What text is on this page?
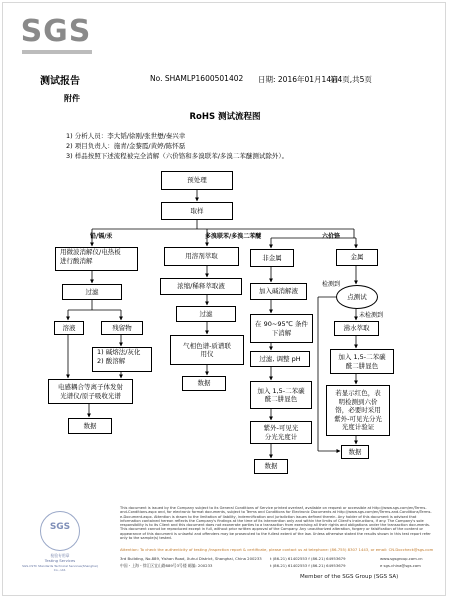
SGS
测试报告	No. SHAMLP1600501402 日期: 2016年01月14日
第4页,共5页
附件
RoHS 测试流程图
1) 分析人员：李大韬/徐刚/张世懋/秦兴幸
2) 项目负责人：施青/金黎霞/黄婷/陈怀磊
3) 样品按照下述流程被完全消解（六价铬和多溴联苯/多溴二苯醚测试除外）。
预处理
取样
铅/镉/汞	多溴联苯/多溴二苯醚	六价铬
用微波消解仪/电热板
进行酸消解
过滤
溶液	残留物
1) 碱熔法/灰化
2) 酸溶解
电感耦合等离子体发射
光谱仪/原子吸收光谱
数据
用溶剂萃取
浓缩/稀释萃取液
过滤
气相色谱-质谱联
用仪
数据
非金属
加入碱消解液
在 90~95℃ 条件
下消解
过滤, 调整 pH
加入 1,5-二苯碳
酰二肼显色
紫外-可见光
分光光度计
数据
金属
检测到
点测试
未检测到
沸水萃取
加入 1,5-二苯碳
酰二肼显色
若显示红色，表
明检测到六价
铬，必要时采用
紫外-可见光分光
光度计验证
数据
SGS
检验专用章
Testing Services
SGS-CSTC Standards Technical Services(Shanghai) Co., Ltd.
This document is issued by the Company subject to its General Conditions of Service printed overleaf, available on request or accessible at http://www.sgs.com/en/Terms-and-Conditions.aspx and, for electronic format documents, subject to Terms and Conditions for Electronic Documents at http://www.sgs.com/en/Terms-and-Conditions/Terms-e-Document.aspx. Attention is drawn to the limitation of liability, indemnification and jurisdiction issues defined therein. Any holder of this document is advised that information contained hereon reflects the Company's findings at the time of its intervention only and within the limits of Client's instructions, if any. The Company's sole responsibility is to its Client and this document does not exonerate parties to a transaction from exercising all their rights and obligations under the transaction documents. This document cannot be reproduced except in full, without prior written approval of the Company. Any unauthorized alteration, forgery or falsification of the content or appearance of this document is unlawful and offenders may be prosecuted to the fullest extent of the law. Unless otherwise stated the results shown in this test report refer only to the sample(s) tested.
Attention: To check the authenticity of testing /inspection report & certificate, please contact us at telephone: (86-755) 8307 1443, or email: CN.Doccheck@sgs.com
3rd Building, No.889, Yishan Road, Xuhui District, Shanghai, China 200233 t (86-21) 61402553 f (86-21) 64953679	www.sgsgroup.com.cn
中国・上海・徐汇区宜山路889号3号楼 邮编: 200233	t (86-21) 61402553 f (86-21) 64953679	e sgs.china@sgs.com
Member of the SGS Group (SGS SA)
